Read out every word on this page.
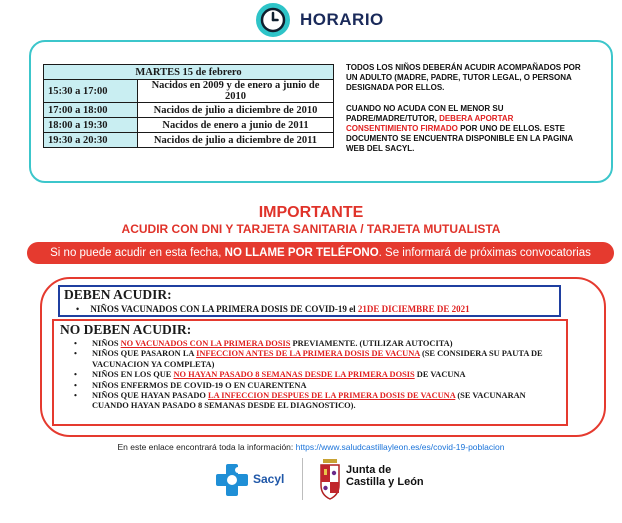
HORARIO
MARTES 15 de febrero	
15:30 a 17:00	Nacidos en 2009 y de enero a junio de 2010
17:00 a 18:00	Nacidos de julio a diciembre de 2010
18:00 a 19:30	Nacidos de enero a junio de 2011
19:30 a 20:30	Nacidos de julio a diciembre de 2011

TODOS LOS NIÑOS DEBERÁN ACUDIR ACOMPAÑADOS POR UN ADULTO (MADRE, PADRE, TUTOR LEGAL, O PERSONA DESIGNADA POR ELLOS.

CUANDO NO ACUDA CON EL MENOR SU PADRE/MADRE/TUTOR, DEBERA APORTAR CONSENTIMIENTO FIRMADO POR UNO DE ELLOS. ESTE DOCUMENTO SE ENCUENTRA DISPONIBLE EN LA PAGINA WEB DEL SACYL.

IMPORTANTE
ACUDIR CON DNI Y TARJETA SANITARIA / TARJETA MUTUALISTA
Si no puede acudir en esta fecha, NO LLAME POR TELÉFONO. Se informará de próximas convocatorias
DEBEN ACUDIR:
•     NIÑOS VACUNADOS CON LA PRIMERA DOSIS DE COVID-19 el 21DE DICIEMBRE DE 2021
NO DEBEN ACUDIR:
• NIÑOS NO VACUNADOS CON LA PRIMERA DOSIS PREVIAMENTE. (UTILIZAR AUTOCITA)
• NIÑOS QUE PASARON LA INFECCION ANTES DE LA PRIMERA DOSIS DE VACUNA (SE CONSIDERA SU PAUTA DE VACUNACION YA COMPLETA)
• NIÑOS EN LOS QUE NO HAYAN PASADO 8 SEMANAS DESDE LA PRIMERA DOSIS DE VACUNA
• NIÑOS ENFERMOS DE COVID-19 O EN CUARENTENA
• NIÑOS QUE HAYAN PASADO LA INFECCION DESPUES DE LA PRIMERA DOSIS DE VACUNA (SE VACUNARAN CUANDO HAYAN PASADO 8 SEMANAS DESDE EL DIAGNOSTICO).
En este enlace encontrará toda la información: https://www.saludcastillayleon.es/es/covid-19-poblacion
Sacyl
Junta de
Castilla y León
